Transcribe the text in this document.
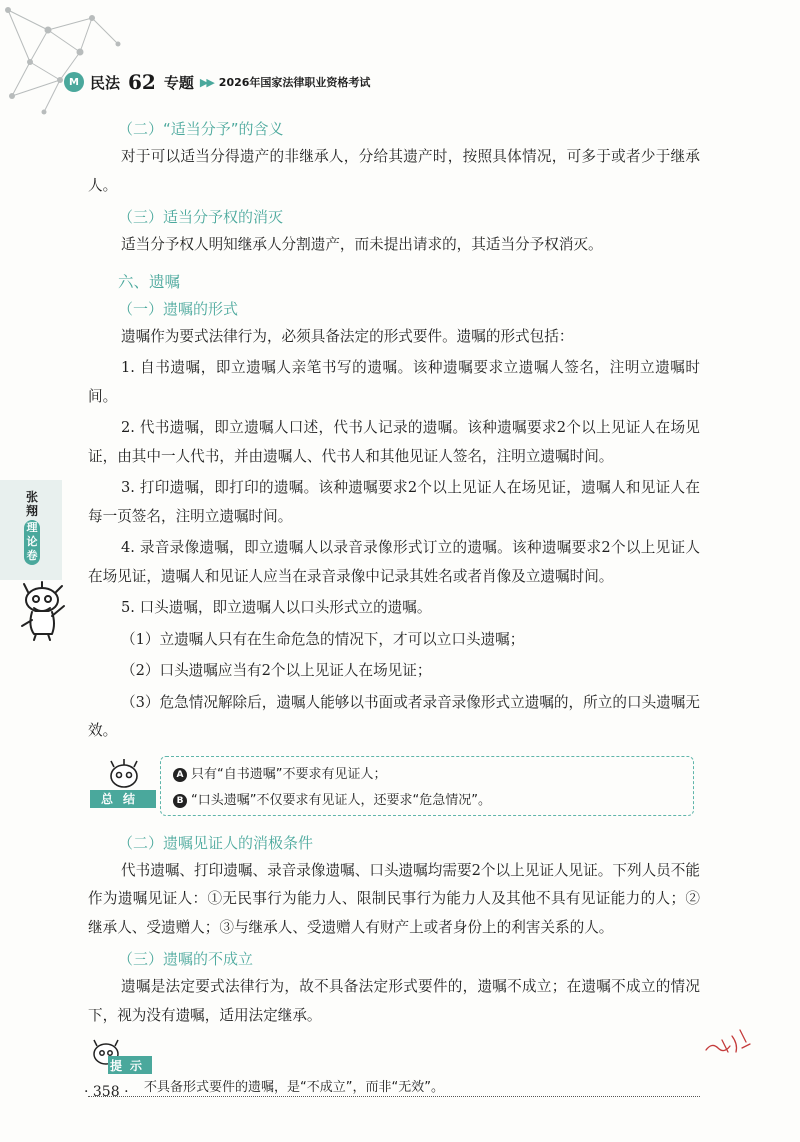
M 民法 62 专题 ▶▶ 2026年国家法律职业资格考试
张翔
理论卷
（二）“适当分予”的含义
对于可以适当分得遗产的非继承人，分给其遗产时，按照具体情况，可多于或者少于继承人。
（三）适当分予权的消灭
适当分予权人明知继承人分割遗产，而未提出请求的，其适当分予权消灭。
六、遗嘱
（一）遗嘱的形式
遗嘱作为要式法律行为，必须具备法定的形式要件。遗嘱的形式包括：
1. 自书遗嘱，即立遗嘱人亲笔书写的遗嘱。该种遗嘱要求立遗嘱人签名，注明立遗嘱时间。
2. 代书遗嘱，即立遗嘱人口述，代书人记录的遗嘱。该种遗嘱要求2个以上见证人在场见证，由其中一人代书，并由遗嘱人、代书人和其他见证人签名，注明立遗嘱时间。
3. 打印遗嘱，即打印的遗嘱。该种遗嘱要求2个以上见证人在场见证，遗嘱人和见证人在每一页签名，注明立遗嘱时间。
4. 录音录像遗嘱，即立遗嘱人以录音录像形式订立的遗嘱。该种遗嘱要求2个以上见证人在场见证，遗嘱人和见证人应当在录音录像中记录其姓名或者肖像及立遗嘱时间。
5. 口头遗嘱，即立遗嘱人以口头形式立的遗嘱。
（1）立遗嘱人只有在生命危急的情况下，才可以立口头遗嘱；
（2）口头遗嘱应当有2个以上见证人在场见证；
（3）危急情况解除后，遗嘱人能够以书面或者录音录像形式立遗嘱的，所立的口头遗嘱无效。
总结
A 只有“自书遗嘱”不要求有见证人；
B “口头遗嘱”不仅要求有见证人，还要求“危急情况”。
（二）遗嘱见证人的消极条件
代书遗嘱、打印遗嘱、录音录像遗嘱、口头遗嘱均需要2个以上见证人见证。下列人员不能作为遗嘱见证人：①无民事行为能力人、限制民事行为能力人及其他不具有见证能力的人；②继承人、受遗赠人；③与继承人、受遗赠人有财产上或者身份上的利害关系的人。
（三）遗嘱的不成立
遗嘱是法定要式法律行为，故不具备法定形式要件的，遗嘱不成立；在遗嘱不成立的情况下，视为没有遗嘱，适用法定继承。
提示
不具备形式要件的遗嘱，是“不成立”，而非“无效”。
· 358 ·
